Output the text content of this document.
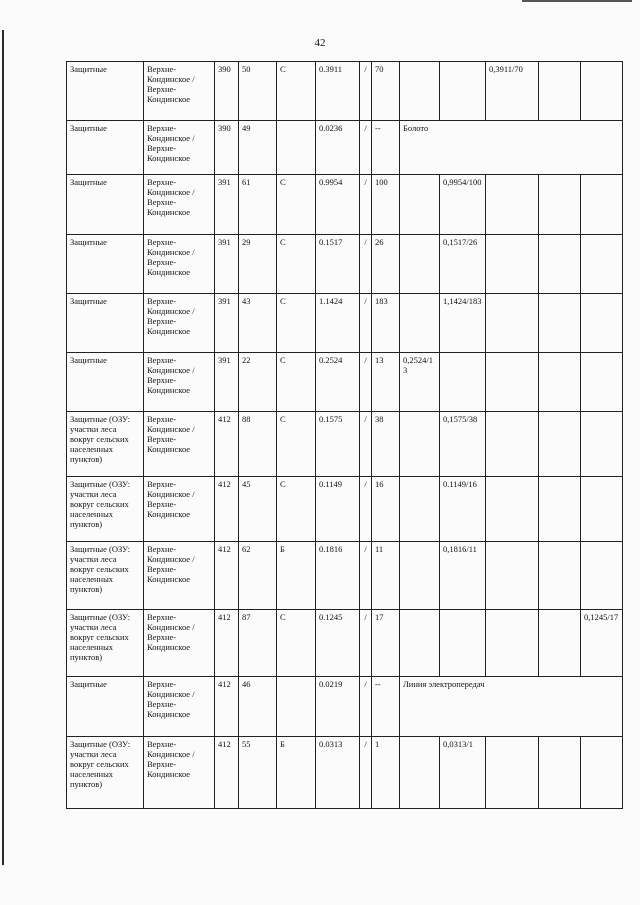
42
Защитные	Верхне-Кондинское / Верхне-Кондинское	390	50	С	0.3911	/	70			0,3911/70		
Защитные	Верхне-Кондинское / Верхне-Кондинское	390	49		0.0236	/	--	Болото				
Защитные	Верхне-Кондинское / Верхне-Кондинское	391	61	С	0.9954	/	100		0,9954/100			
Защитные	Верхне-Кондинское / Верхне-Кондинское	391	29	С	0.1517	/	26		0,1517/26			
Защитные	Верхне-Кондинское / Верхне-Кондинское	391	43	С	1.1424	/	183		1,1424/183			
Защитные	Верхне-Кондинское / Верхне-Кондинское	391	22	С	0.2524	/	13	0,2524/13				
Защитные (ОЗУ: участки леса вокруг сельских населенных пунктов)	Верхне-Кондинское / Верхне-Кондинское	412	88	С	0.1575	/	38		0,1575/38			
Защитные (ОЗУ: участки леса вокруг сельских населенных пунктов)	Верхне-Кондинское / Верхне-Кондинское	412	45	С	0.1149	/	16		0.1149/16			
Защитные (ОЗУ: участки леса вокруг сельских населенных пунктов)	Верхне-Кондинское / Верхне-Кондинское	412	62	Б	0.1816	/	11		0,1816/11			
Защитные (ОЗУ: участки леса вокруг сельских населенных пунктов)	Верхне-Кондинское / Верхне-Кондинское	412	87	С	0.1245	/	17					0,1245/17
Защитные	Верхне-Кондинское / Верхне-Кондинское	412	46		0.0219	/	--	Линия электропередач				
Защитные (ОЗУ: участки леса вокруг сельских населенных пунктов)	Верхне-Кондинское / Верхне-Кондинское	412	55	Б	0.0313	/	1		0,0313/1			
